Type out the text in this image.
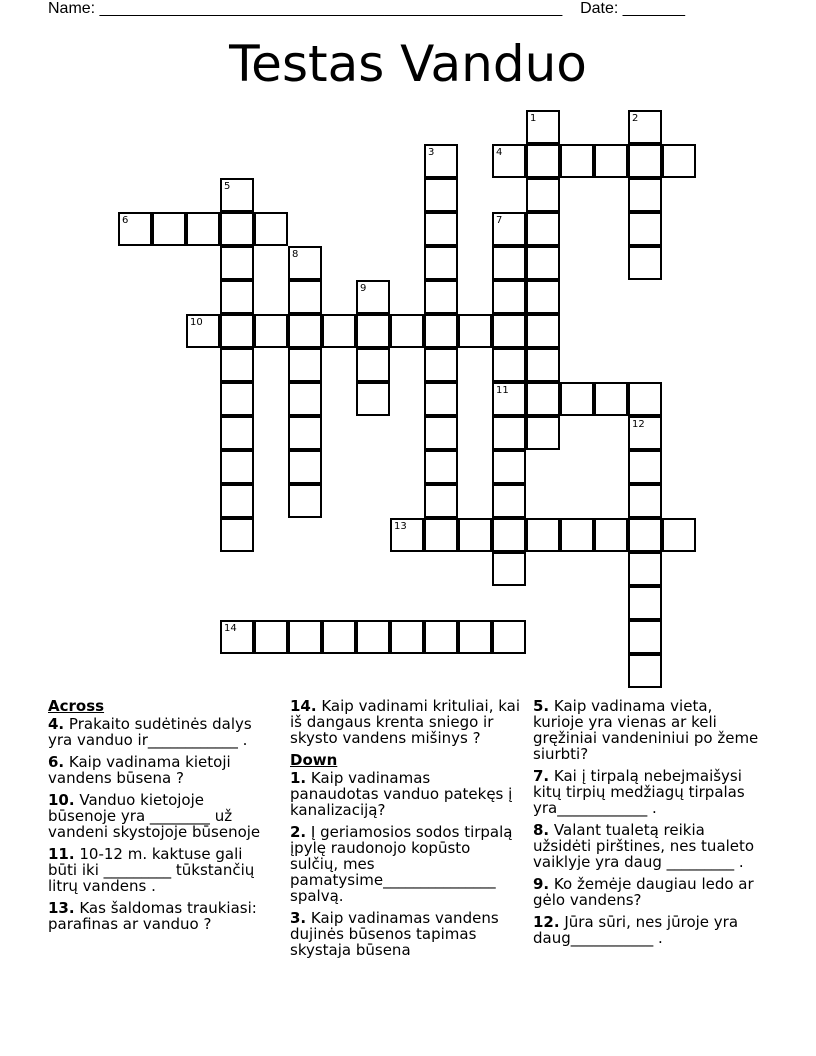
Name: ____________________________________________________ Date: _______
Testas Vanduo
1	2
3	4
5
6	7
11
8
9
10
12
13
14
Across
4. Prakaito sudėtinės dalys yra vanduo ir____________ .
6. Kaip vadinama kietoji vandens būsena ?
10. Vanduo kietojoje būsenoje yra ________ už vandeni skystojoje būsenoje
11. 10-12 m. kaktuse gali būti iki _________ tūkstančių litrų vandens .
13. Kas šaldomas traukiasi: parafinas ar vanduo ?
14. Kaip vadinami krituliai, kai iš dangaus krenta sniego ir skysto vandens mišinys ?
Down
1. Kaip vadinamas panaudotas vanduo patekęs į kanalizaciją?
2. Į geriamosios sodos tirpalą įpylę raudonojo kopūsto sulčių, mes pamatysime_______________ spalvą.
3. Kaip vadinamas vandens dujinės būsenos tapimas skystaja būsena
5. Kaip vadinama vieta, kurioje yra vienas ar keli gręžiniai vandeniniui po žeme siurbti?
7. Kai į tirpalą nebejmaišysi kitų tirpių medžiagų tirpalas yra____________ .
8. Valant tualetą reikia užsidėti pirštines, nes tualeto vaiklyje yra daug _________ .
9. Ko žemėje daugiau ledo ar gėlo vandens?
12. Jūra sūri, nes jūroje yra daug___________ .
